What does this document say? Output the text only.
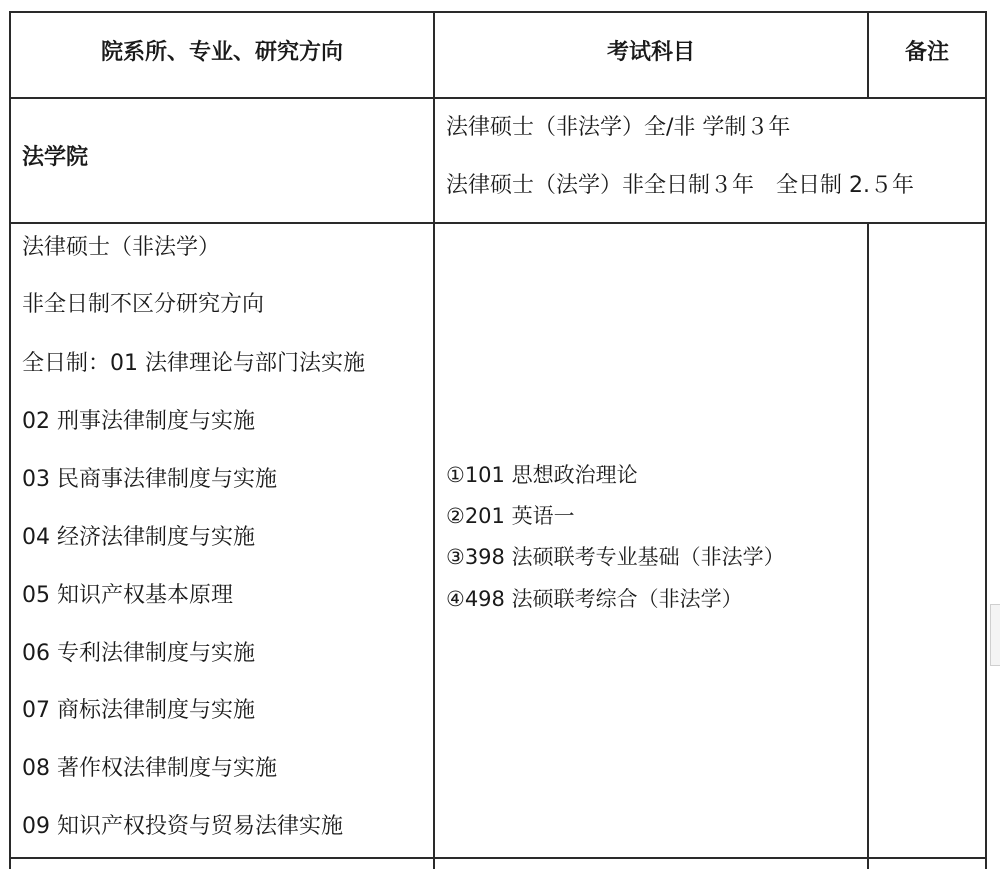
院系所、专业、研究方向	考试科目	备注
法学院
法律硕士（非法学）全/非 学制３年
法律硕士（法学）非全日制３年　全日制 2.５年
法律硕士（非法学）
非全日制不区分研究方向
全日制：01 法律理论与部门法实施
02 刑事法律制度与实施
03 民商事法律制度与实施
04 经济法律制度与实施
05 知识产权基本原理
06 专利法律制度与实施
07 商标法律制度与实施
08 著作权法律制度与实施
09 知识产权投资与贸易法律实施
①101 思想政治理论
②201 英语一
③398 法硕联考专业基础（非法学）
④498 法硕联考综合（非法学）
